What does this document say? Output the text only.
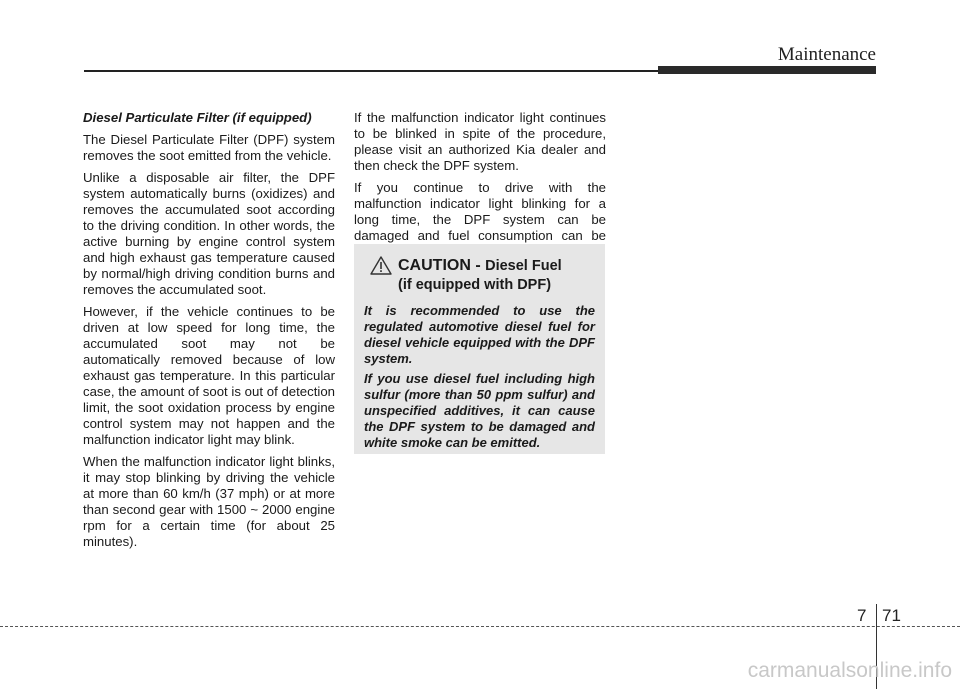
Maintenance
Diesel Particulate Filter (if equipped)

The Diesel Particulate Filter (DPF) system removes the soot emitted from the vehicle.

Unlike a disposable air filter, the DPF system automatically burns (oxidizes) and removes the accumulated soot according to the driving condition. In other words, the active burning by engine control system and high exhaust gas temperature caused by normal/high driving condition burns and removes the accumulated soot.

However, if the vehicle continues to be driven at low speed for long time, the accumulated soot may not be automatically removed because of low exhaust gas temperature. In this particular case, the amount of soot is out of detection limit, the soot oxidation process by engine control system may not happen and the malfunction indicator light may blink.

When the malfunction indicator light blinks, it may stop blinking by driving the vehicle at more than 60 km/h (37 mph) or at more than second gear with 1500 ~ 2000 engine rpm for a certain time (for about 25 minutes).

If the malfunction indicator light continues to be blinked in spite of the procedure, please visit an authorized Kia dealer and then check the DPF system.

If you continue to drive with the malfunction indicator light blinking for a long time, the DPF system can be damaged and fuel consumption can be

CAUTION - Diesel Fuel
(if equipped with DPF)

It is recommended to use the regulated automotive diesel fuel for diesel vehicle equipped with the DPF system.

If you use diesel fuel including high sulfur (more than 50 ppm sulfur) and unspecified additives, it can cause the DPF system to be damaged and white smoke can be emitted.

7 71
carmanualsonline.info
